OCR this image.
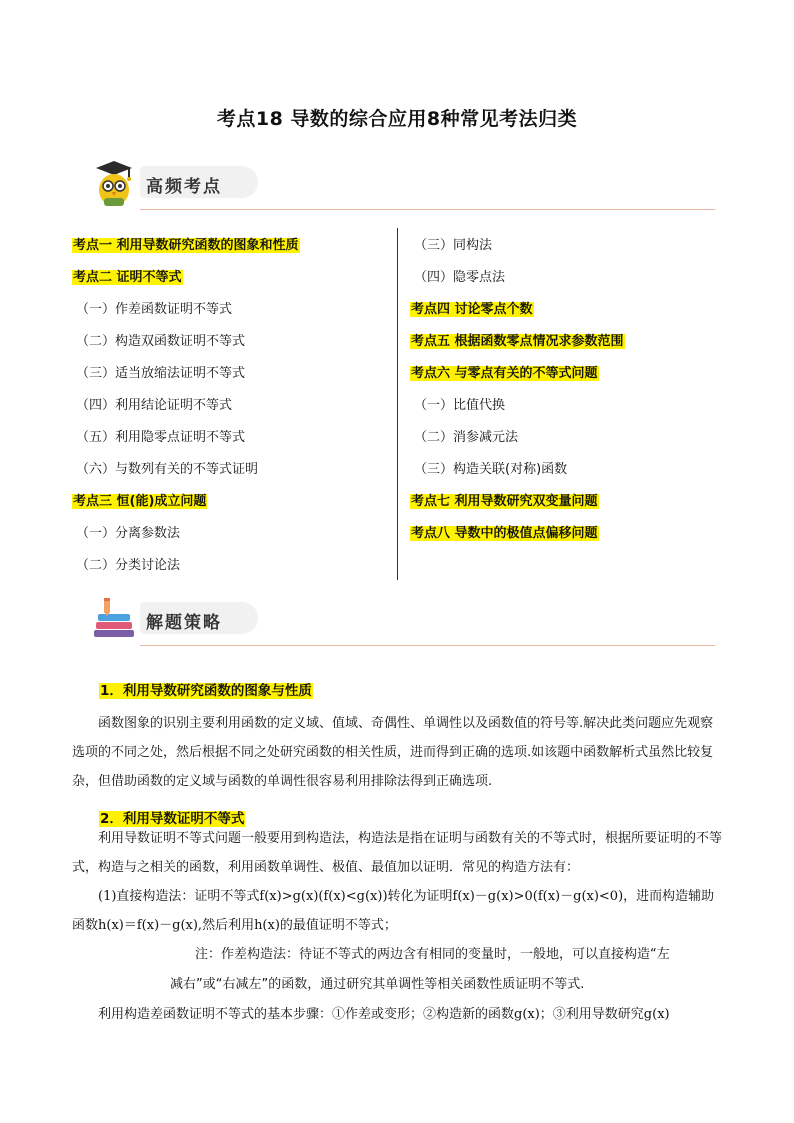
考点18 导数的综合应用8种常见考法归类
高频考点
考点一 利用导数研究函数的图象和性质
考点二 证明不等式
（一）作差函数证明不等式
（二）构造双函数证明不等式
（三）适当放缩法证明不等式
（四）利用结论证明不等式
（五）利用隐零点证明不等式
（六）与数列有关的不等式证明
考点三 恒(能)成立问题
（一）分离参数法
（二）分类讨论法
（三）同构法
（四）隐零点法
考点四 讨论零点个数
考点五 根据函数零点情况求参数范围
考点六 与零点有关的不等式问题
（一）比值代换
（二）消参减元法
（三）构造关联(对称)函数
考点七 利用导数研究双变量问题
考点八 导数中的极值点偏移问题
解题策略
1．利用导数研究函数的图象与性质
函数图象的识别主要利用函数的定义域、值域、奇偶性、单调性以及函数值的符号等.解决此类问题应先观察选项的不同之处，然后根据不同之处研究函数的相关性质，进而得到正确的选项.如该题中函数解析式虽然比较复杂，但借助函数的定义域与函数的单调性很容易利用排除法得到正确选项.
2．利用导数证明不等式
利用导数证明不等式问题一般要用到构造法，构造法是指在证明与函数有关的不等式时，根据所要证明的不等式，构造与之相关的函数，利用函数单调性、极值、最值加以证明．常见的构造方法有：
(1)直接构造法：证明不等式f(x)>g(x)(f(x)<g(x))转化为证明f(x)－g(x)>0(f(x)－g(x)<0)，进而构造辅助函数h(x)＝f(x)－g(x),然后利用h(x)的最值证明不等式；
注：作差构造法：待证不等式的两边含有相同的变量时，一般地，可以直接构造“左
减右”或“右减左”的函数，通过研究其单调性等相关函数性质证明不等式.
利用构造差函数证明不等式的基本步骤：①作差或变形；②构造新的函数g(x)；③利用导数研究g(x)
